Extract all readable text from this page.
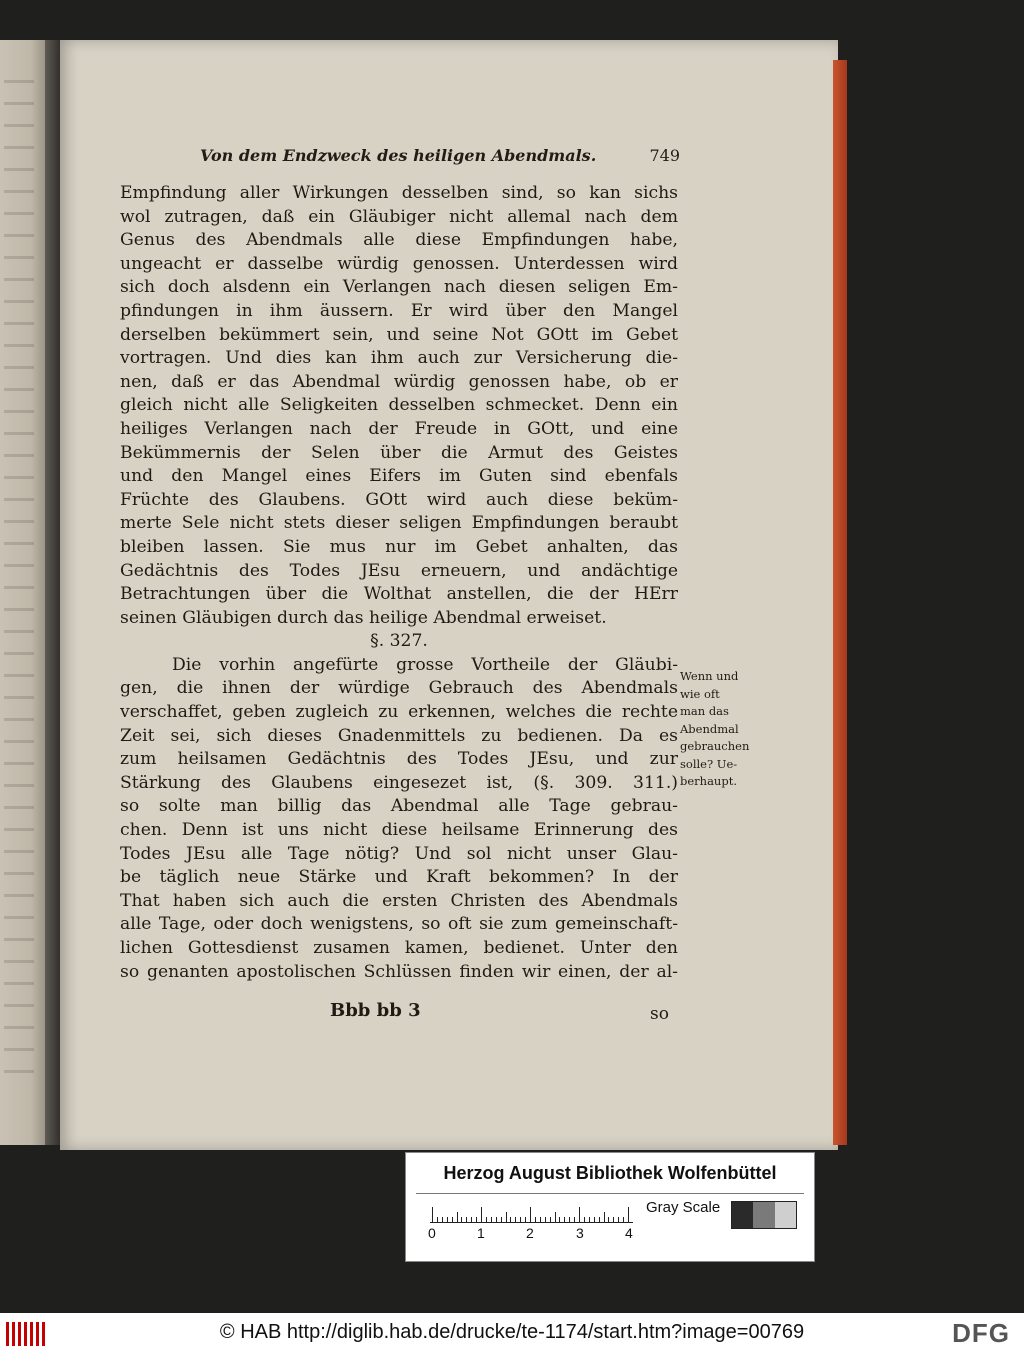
Von dem Endzweck des heiligen Abendmals.	749
Empfindung aller Wirkungen desselben sind, so kan sichs
wol zutragen, daß ein Gläubiger nicht allemal nach dem
Genus des Abendmals alle diese Empfindungen habe,
ungeacht er dasselbe würdig genossen. Unterdessen wird
sich doch alsdenn ein Verlangen nach diesen seligen Em-
pfindungen in ihm äussern. Er wird über den Mangel
derselben bekümmert sein, und seine Not GOtt im Gebet
vortragen. Und dies kan ihm auch zur Versicherung die-
nen, daß er das Abendmal würdig genossen habe, ob er
gleich nicht alle Seligkeiten desselben schmecket. Denn ein
heiliges Verlangen nach der Freude in GOtt, und eine
Bekümmernis der Selen über die Armut des Geistes
und den Mangel eines Eifers im Guten sind ebenfals
Früchte des Glaubens. GOtt wird auch diese beküm-
merte Sele nicht stets dieser seligen Empfindungen beraubt
bleiben lassen. Sie mus nur im Gebet anhalten, das
Gedächtnis des Todes JEsu erneuern, und andächtige
Betrachtungen über die Wolthat anstellen, die der HErr
seinen Gläubigen durch das heilige Abendmal erweiset.
§. 327.
Die vorhin angefürte grosse Vortheile der Gläubi-
gen, die ihnen der würdige Gebrauch des Abendmals
verschaffet, geben zugleich zu erkennen, welches die rechte
Zeit sei, sich dieses Gnadenmittels zu bedienen. Da es
zum heilsamen Gedächtnis des Todes JEsu, und zur
Stärkung des Glaubens eingesezet ist, (§. 309. 311.)
so solte man billig das Abendmal alle Tage gebrau-
chen. Denn ist uns nicht diese heilsame Erinnerung des
Todes JEsu alle Tage nötig? Und sol nicht unser Glau-
be täglich neue Stärke und Kraft bekommen? In der
That haben sich auch die ersten Christen des Abendmals
alle Tage, oder doch wenigstens, so oft sie zum gemeinschaft-
lichen Gottesdienst zusamen kamen, bedienet. Unter den
so genanten apostolischen Schlüssen finden wir einen, der al-
Wenn und
wie oft
man das
Abendmal
gebrauchen
solle? Ue-
berhaupt.
Bbb bb 3	so
Herzog August Bibliothek Wolfenbüttel
0	1	2	3	4
Gray Scale
© HAB http://diglib.hab.de/drucke/te-1174/start.htm?image=00769	DFG
